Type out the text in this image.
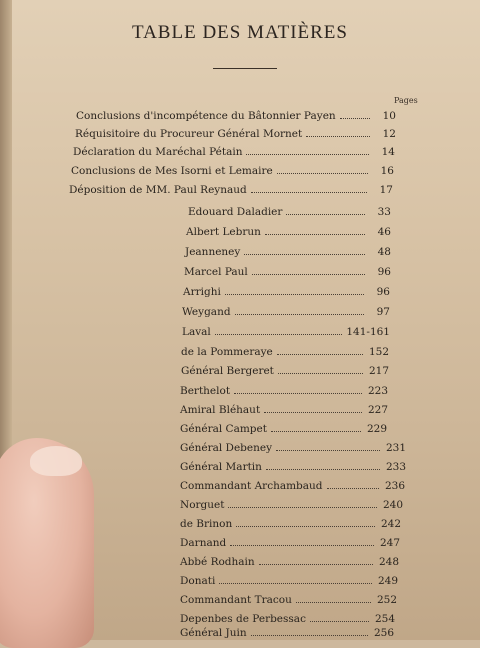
TABLE DES MATIÈRES
Pages
Conclusions d'incompétence du Bâtonnier Payen	10
Réquisitoire du Procureur Général Mornet	12
Déclaration du Maréchal Pétain	14
Conclusions de Mes Isorni et Lemaire	16
Déposition de MM. Paul Reynaud	17
Edouard Daladier	33
Albert Lebrun	46
Jeanneney	48
Marcel Paul	96
Arrighi	96
Weygand	97
Laval	141-161
de la Pommeraye	152
Général Bergeret	217
Berthelot	223
Amiral Bléhaut	227
Général Campet	229
Général Debeney	231
Général Martin	233
Commandant Archambaud	236
Norguet	240
de Brinon	242
Darnand	247
Abbé Rodhain	248
Donati	249
Commandant Tracou	252
Depenbes de Perbessac	254
Général Juin	256
